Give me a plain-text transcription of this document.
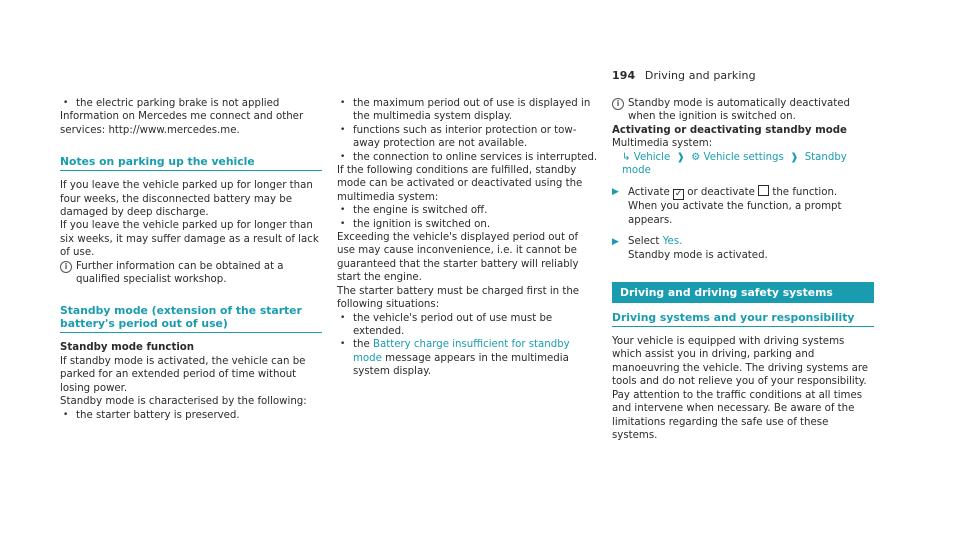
194 Driving and parking

• the electric parking brake is not applied

Information on Mercedes me connect and other services: http://www.mercedes.me.

Notes on parking up the vehicle

If you leave the vehicle parked up for longer than four weeks, the disconnected battery may be damaged by deep discharge.

If you leave the vehicle parked up for longer than six weeks, it may suffer damage as a result of lack of use.

i Further information can be obtained at a qualified specialist workshop.

Standby mode (extension of the starter battery's period out of use)

Standby mode function

If standby mode is activated, the vehicle can be parked for an extended period of time without losing power.

Standby mode is characterised by the following:

• the starter battery is preserved.

• the maximum period out of use is displayed in the multimedia system display.

• functions such as interior protection or tow-away protection are not available.

• the connection to online services is interrupted.

If the following conditions are fulfilled, standby mode can be activated or deactivated using the multimedia system:

• the engine is switched off.

• the ignition is switched on.

Exceeding the vehicle's displayed period out of use may cause inconvenience, i.e. it cannot be guaranteed that the starter battery will reliably start the engine.

The starter battery must be charged first in the following situations:

• the vehicle's period out of use must be extended.

• the Battery charge insufficient for standby mode message appears in the multimedia system display.

i Standby mode is automatically deactivated when the ignition is switched on.

Activating or deactivating standby mode

Multimedia system:

↳ Vehicle ❱ ⚙ Vehicle settings ❱ Standby mode

▶ Activate ✓ or deactivate the function.
When you activate the function, a prompt appears.
▶ Select Yes.
Standby mode is activated.
Driving and driving safety systems

Driving systems and your responsibility

Your vehicle is equipped with driving systems which assist you in driving, parking and manoeuvring the vehicle. The driving systems are tools and do not relieve you of your responsibility. Pay attention to the traffic conditions at all times and intervene when necessary. Be aware of the limitations regarding the safe use of these systems.
